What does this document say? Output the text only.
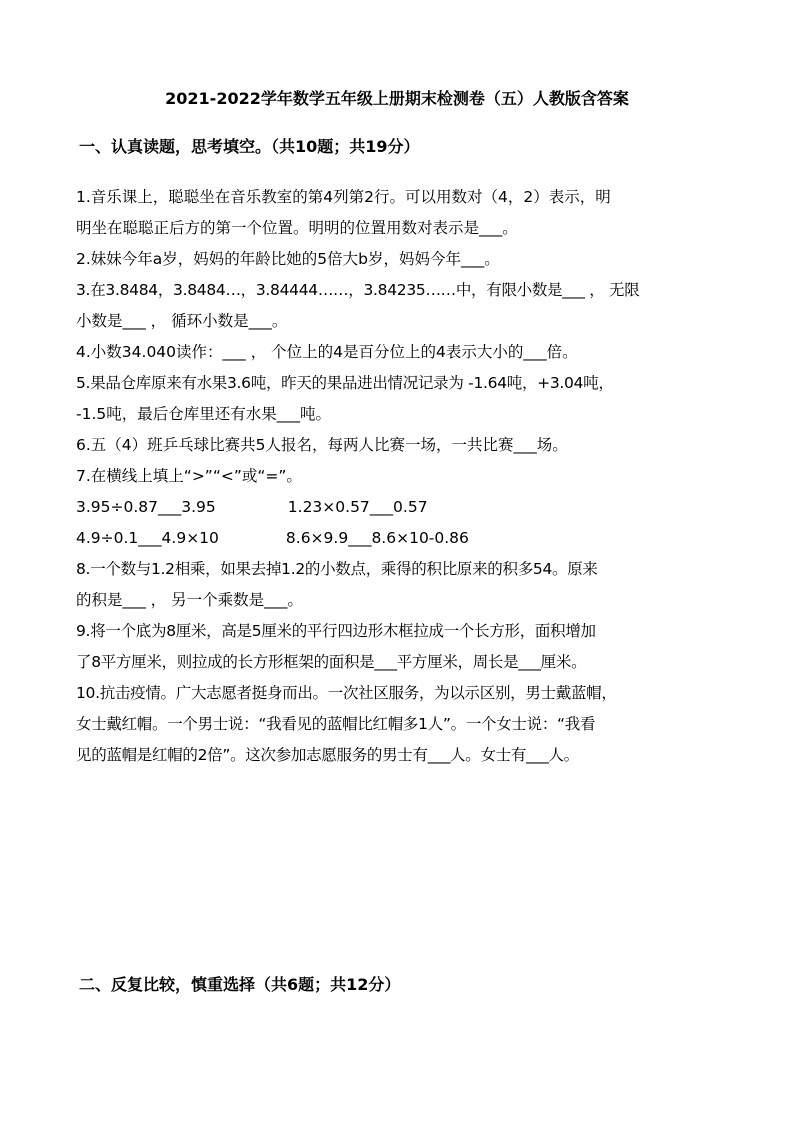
2021-2022学年数学五年级上册期末检测卷（五）人教版含答案
一、认真读题，思考填空。（共10题；共19分）
1.音乐课上，聪聪坐在音乐教室的第4列第2行。可以用数对（4，2）表示，明
明坐在聪聪正后方的第一个位置。明明的位置用数对表示是___。
2.妹妹今年a岁，妈妈的年龄比她的5倍大b岁，妈妈今年___。
3.在3.8484，3.8484…，3.84444……，3.84235……中，有限小数是___ ， 无限
小数是___ ， 循环小数是___。
4.小数34.040读作：___ ， 个位上的4是百分位上的4表示大小的___倍。
5.果品仓库原来有水果3.6吨，昨天的果品进出情况记录为 -1.64吨，+3.04吨，
-1.5吨，最后仓库里还有水果___吨。
6.五（4）班乒乓球比赛共5人报名，每两人比赛一场，一共比赛___场。
7.在横线上填上“>”“<”或“=”。
3.95÷0.87___3.95	1.23×0.57___0.57
4.9÷0.1___4.9×10	8.6×9.9___8.6×10-0.86
8.一个数与1.2相乘，如果去掉1.2的小数点，乘得的积比原来的积多54。原来
的积是___ ， 另一个乘数是___。
9.将一个底为8厘米，高是5厘米的平行四边形木框拉成一个长方形，面积增加
了8平方厘米，则拉成的长方形框架的面积是___平方厘米，周长是___厘米。
10.抗击疫情。广大志愿者挺身而出。一次社区服务，为以示区别，男士戴蓝帽，
女士戴红帽。一个男士说：“我看见的蓝帽比红帽多1人”。一个女士说：“我看
见的蓝帽是红帽的2倍”。这次参加志愿服务的男士有___人。女士有___人。
二、反复比较，慎重选择（共6题；共12分）
